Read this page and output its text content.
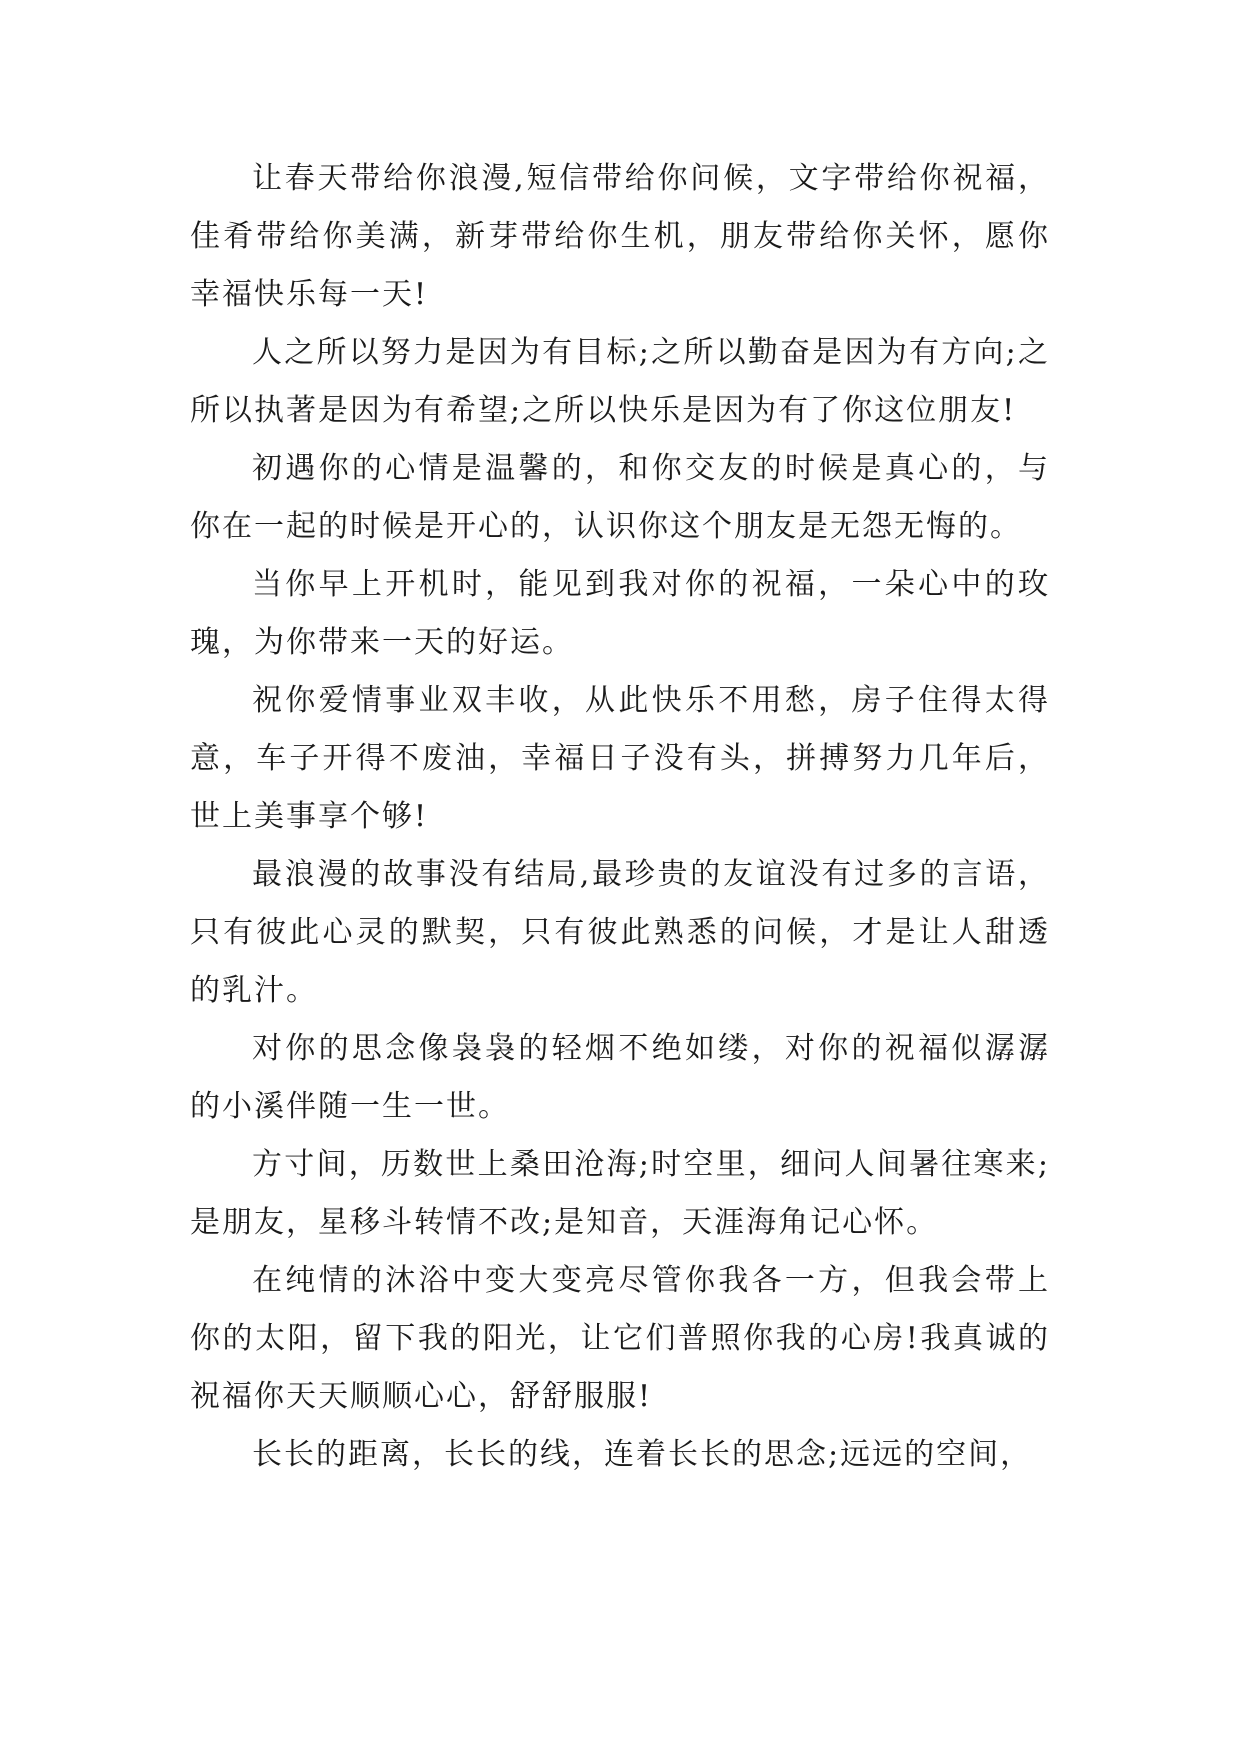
让春天带给你浪漫,短信带给你问候，文字带给你祝福，佳肴带给你美满，新芽带给你生机，朋友带给你关怀，愿你幸福快乐每一天!

人之所以努力是因为有目标;之所以勤奋是因为有方向;之所以执著是因为有希望;之所以快乐是因为有了你这位朋友!

初遇你的心情是温馨的，和你交友的时候是真心的，与你在一起的时候是开心的，认识你这个朋友是无怨无悔的。

当你早上开机时，能见到我对你的祝福，一朵心中的玫瑰，为你带来一天的好运。

祝你爱情事业双丰收，从此快乐不用愁，房子住得太得意，车子开得不废油，幸福日子没有头，拼搏努力几年后，世上美事享个够!

最浪漫的故事没有结局,最珍贵的友谊没有过多的言语，只有彼此心灵的默契，只有彼此熟悉的问候，才是让人甜透的乳汁。

对你的思念像袅袅的轻烟不绝如缕，对你的祝福似潺潺的小溪伴随一生一世。

方寸间，历数世上桑田沧海;时空里，细问人间暑往寒来;是朋友，星移斗转情不改;是知音，天涯海角记心怀。

在纯情的沐浴中变大变亮尽管你我各一方，但我会带上你的太阳，留下我的阳光，让它们普照你我的心房!我真诚的祝福你天天顺顺心心，舒舒服服!

长长的距离，长长的线，连着长长的思念;远远的空间，
